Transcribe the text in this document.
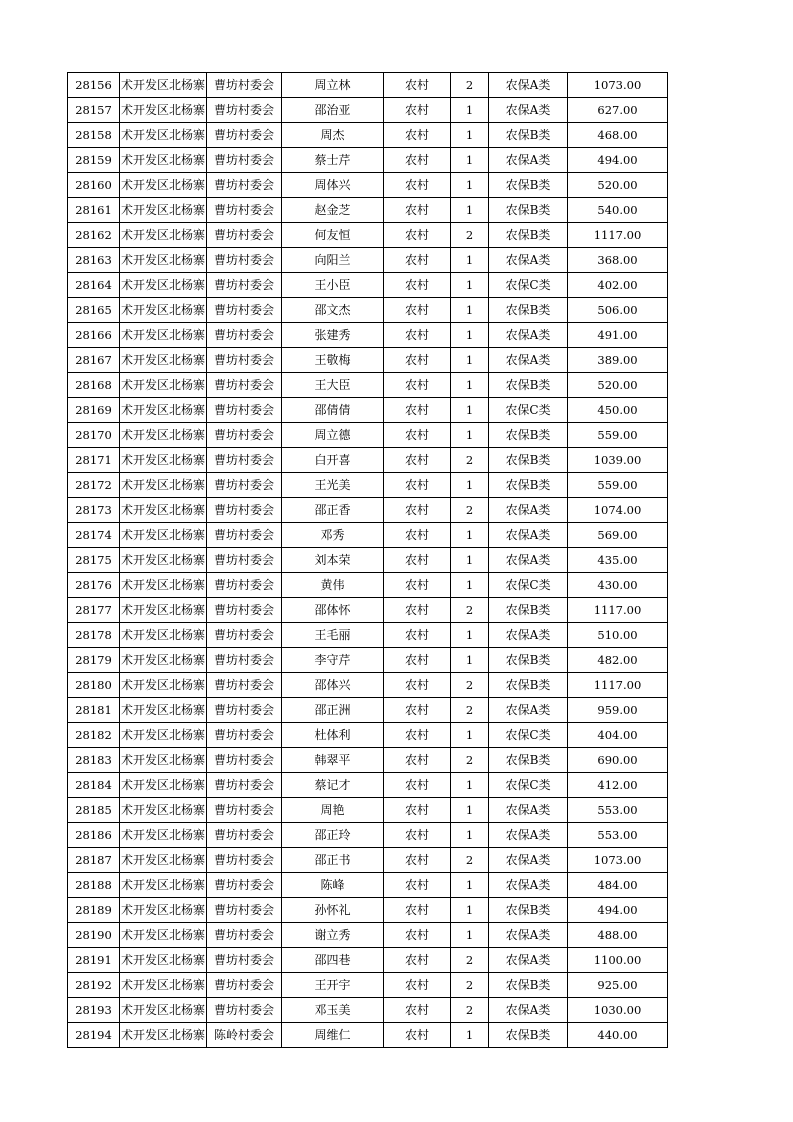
28156	术开发区北杨寨	曹坊村委会	周立林	农村	2	农保A类	1073.00
28157	术开发区北杨寨	曹坊村委会	邵治亚	农村	1	农保A类	627.00
28158	术开发区北杨寨	曹坊村委会	周杰	农村	1	农保B类	468.00
28159	术开发区北杨寨	曹坊村委会	蔡士芹	农村	1	农保A类	494.00
28160	术开发区北杨寨	曹坊村委会	周体兴	农村	1	农保B类	520.00
28161	术开发区北杨寨	曹坊村委会	赵金芝	农村	1	农保B类	540.00
28162	术开发区北杨寨	曹坊村委会	何友恒	农村	2	农保B类	1117.00
28163	术开发区北杨寨	曹坊村委会	向阳兰	农村	1	农保A类	368.00
28164	术开发区北杨寨	曹坊村委会	王小臣	农村	1	农保C类	402.00
28165	术开发区北杨寨	曹坊村委会	邵文杰	农村	1	农保B类	506.00
28166	术开发区北杨寨	曹坊村委会	张建秀	农村	1	农保A类	491.00
28167	术开发区北杨寨	曹坊村委会	王敬梅	农村	1	农保A类	389.00
28168	术开发区北杨寨	曹坊村委会	王大臣	农村	1	农保B类	520.00
28169	术开发区北杨寨	曹坊村委会	邵倩倩	农村	1	农保C类	450.00
28170	术开发区北杨寨	曹坊村委会	周立德	农村	1	农保B类	559.00
28171	术开发区北杨寨	曹坊村委会	白开喜	农村	2	农保B类	1039.00
28172	术开发区北杨寨	曹坊村委会	王光美	农村	1	农保B类	559.00
28173	术开发区北杨寨	曹坊村委会	邵正香	农村	2	农保A类	1074.00
28174	术开发区北杨寨	曹坊村委会	邓秀	农村	1	农保A类	569.00
28175	术开发区北杨寨	曹坊村委会	刘本荣	农村	1	农保A类	435.00
28176	术开发区北杨寨	曹坊村委会	黄伟	农村	1	农保C类	430.00
28177	术开发区北杨寨	曹坊村委会	邵体怀	农村	2	农保B类	1117.00
28178	术开发区北杨寨	曹坊村委会	王毛丽	农村	1	农保A类	510.00
28179	术开发区北杨寨	曹坊村委会	李守芹	农村	1	农保B类	482.00
28180	术开发区北杨寨	曹坊村委会	邵体兴	农村	2	农保B类	1117.00
28181	术开发区北杨寨	曹坊村委会	邵正洲	农村	2	农保A类	959.00
28182	术开发区北杨寨	曹坊村委会	杜体利	农村	1	农保C类	404.00
28183	术开发区北杨寨	曹坊村委会	韩翠平	农村	2	农保B类	690.00
28184	术开发区北杨寨	曹坊村委会	蔡记才	农村	1	农保C类	412.00
28185	术开发区北杨寨	曹坊村委会	周艳	农村	1	农保A类	553.00
28186	术开发区北杨寨	曹坊村委会	邵正玲	农村	1	农保A类	553.00
28187	术开发区北杨寨	曹坊村委会	邵正书	农村	2	农保A类	1073.00
28188	术开发区北杨寨	曹坊村委会	陈峰	农村	1	农保A类	484.00
28189	术开发区北杨寨	曹坊村委会	孙怀礼	农村	1	农保B类	494.00
28190	术开发区北杨寨	曹坊村委会	谢立秀	农村	1	农保A类	488.00
28191	术开发区北杨寨	曹坊村委会	邵四巷	农村	2	农保A类	1100.00
28192	术开发区北杨寨	曹坊村委会	王开宇	农村	2	农保B类	925.00
28193	术开发区北杨寨	曹坊村委会	邓玉美	农村	2	农保A类	1030.00
28194	术开发区北杨寨	陈岭村委会	周维仁	农村	1	农保B类	440.00
